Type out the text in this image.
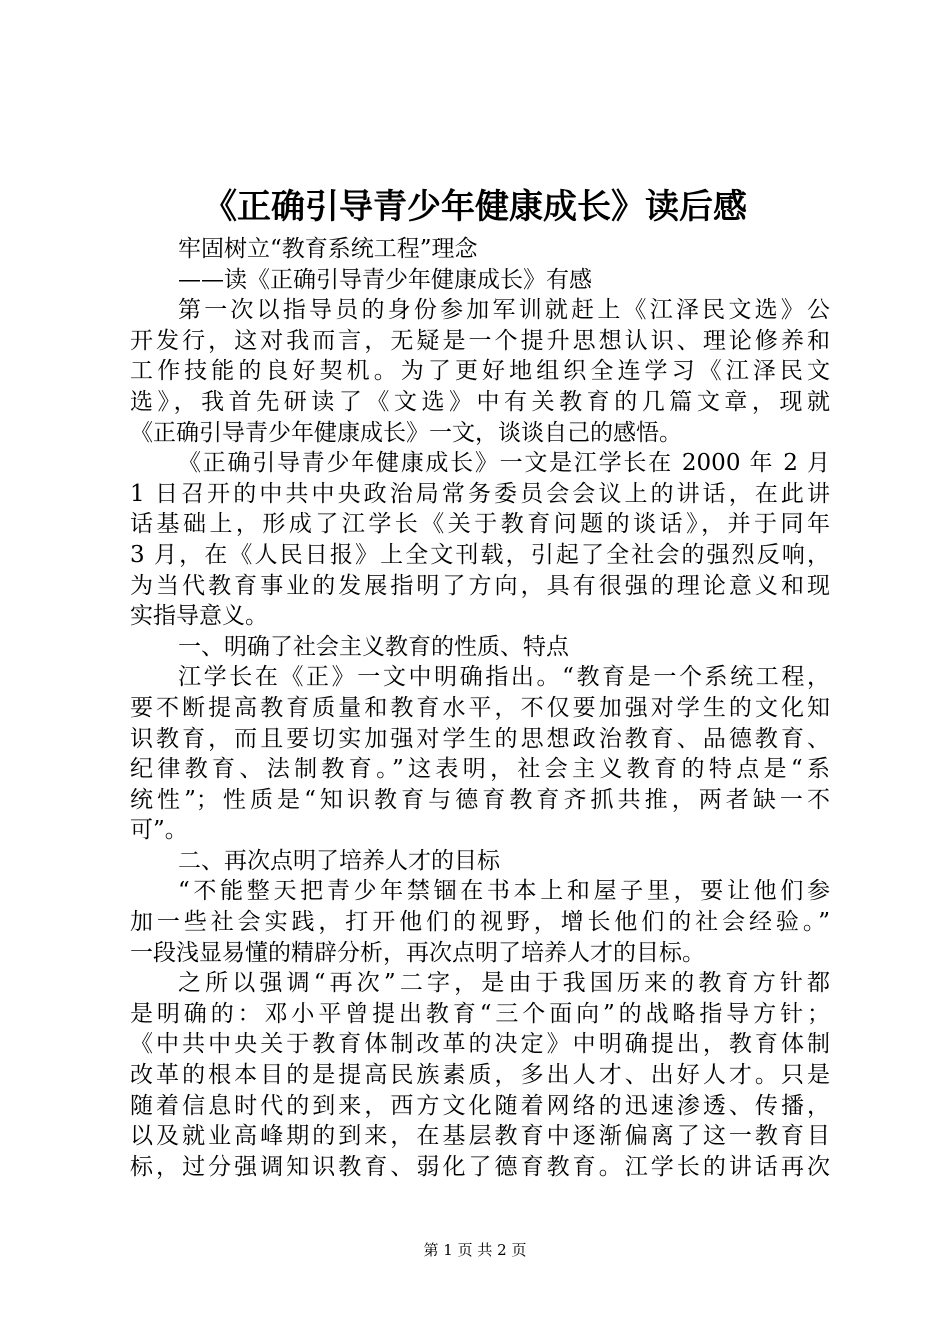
《正确引导青少年健康成长》读后感

牢固树立“教育系统工程”理念

——读《正确引导青少年健康成长》有感

第一次以指导员的身份参加军训就赶上《江泽民文选》公

开发行，这对我而言，无疑是一个提升思想认识、理论修养和

工作技能的良好契机。为了更好地组织全连学习《江泽民文

选》，我首先研读了《文选》中有关教育的几篇文章，现就

《正确引导青少年健康成长》一文，谈谈自己的感悟。

《正确引导青少年健康成长》一文是江学长在 2000 年 2 月

1 日召开的中共中央政治局常务委员会会议上的讲话，在此讲

话基础上，形成了江学长《关于教育问题的谈话》，并于同年

3 月，在《人民日报》上全文刊载，引起了全社会的强烈反响，

为当代教育事业的发展指明了方向，具有很强的理论意义和现

实指导意义。

一、明确了社会主义教育的性质、特点

江学长在《正》一文中明确指出。“教育是一个系统工程，

要不断提高教育质量和教育水平，不仅要加强对学生的文化知

识教育，而且要切实加强对学生的思想政治教育、品德教育、

纪律教育、法制教育。”这表明，社会主义教育的特点是“系

统性”；性质是“知识教育与德育教育齐抓共推，两者缺一不

可”。

二、再次点明了培养人才的目标

“不能整天把青少年禁锢在书本上和屋子里，要让他们参

加一些社会实践，打开他们的视野，增长他们的社会经验。”

一段浅显易懂的精辟分析，再次点明了培养人才的目标。

之所以强调“再次”二字，是由于我国历来的教育方针都

是明确的：邓小平曾提出教育“三个面向”的战略指导方针；

《中共中央关于教育体制改革的决定》中明确提出，教育体制

改革的根本目的是提高民族素质，多出人才、出好人才。只是

随着信息时代的到来，西方文化随着网络的迅速渗透、传播，

以及就业高峰期的到来，在基层教育中逐渐偏离了这一教育目

标，过分强调知识教育、弱化了德育教育。江学长的讲话再次

第 1 页 共 2 页
